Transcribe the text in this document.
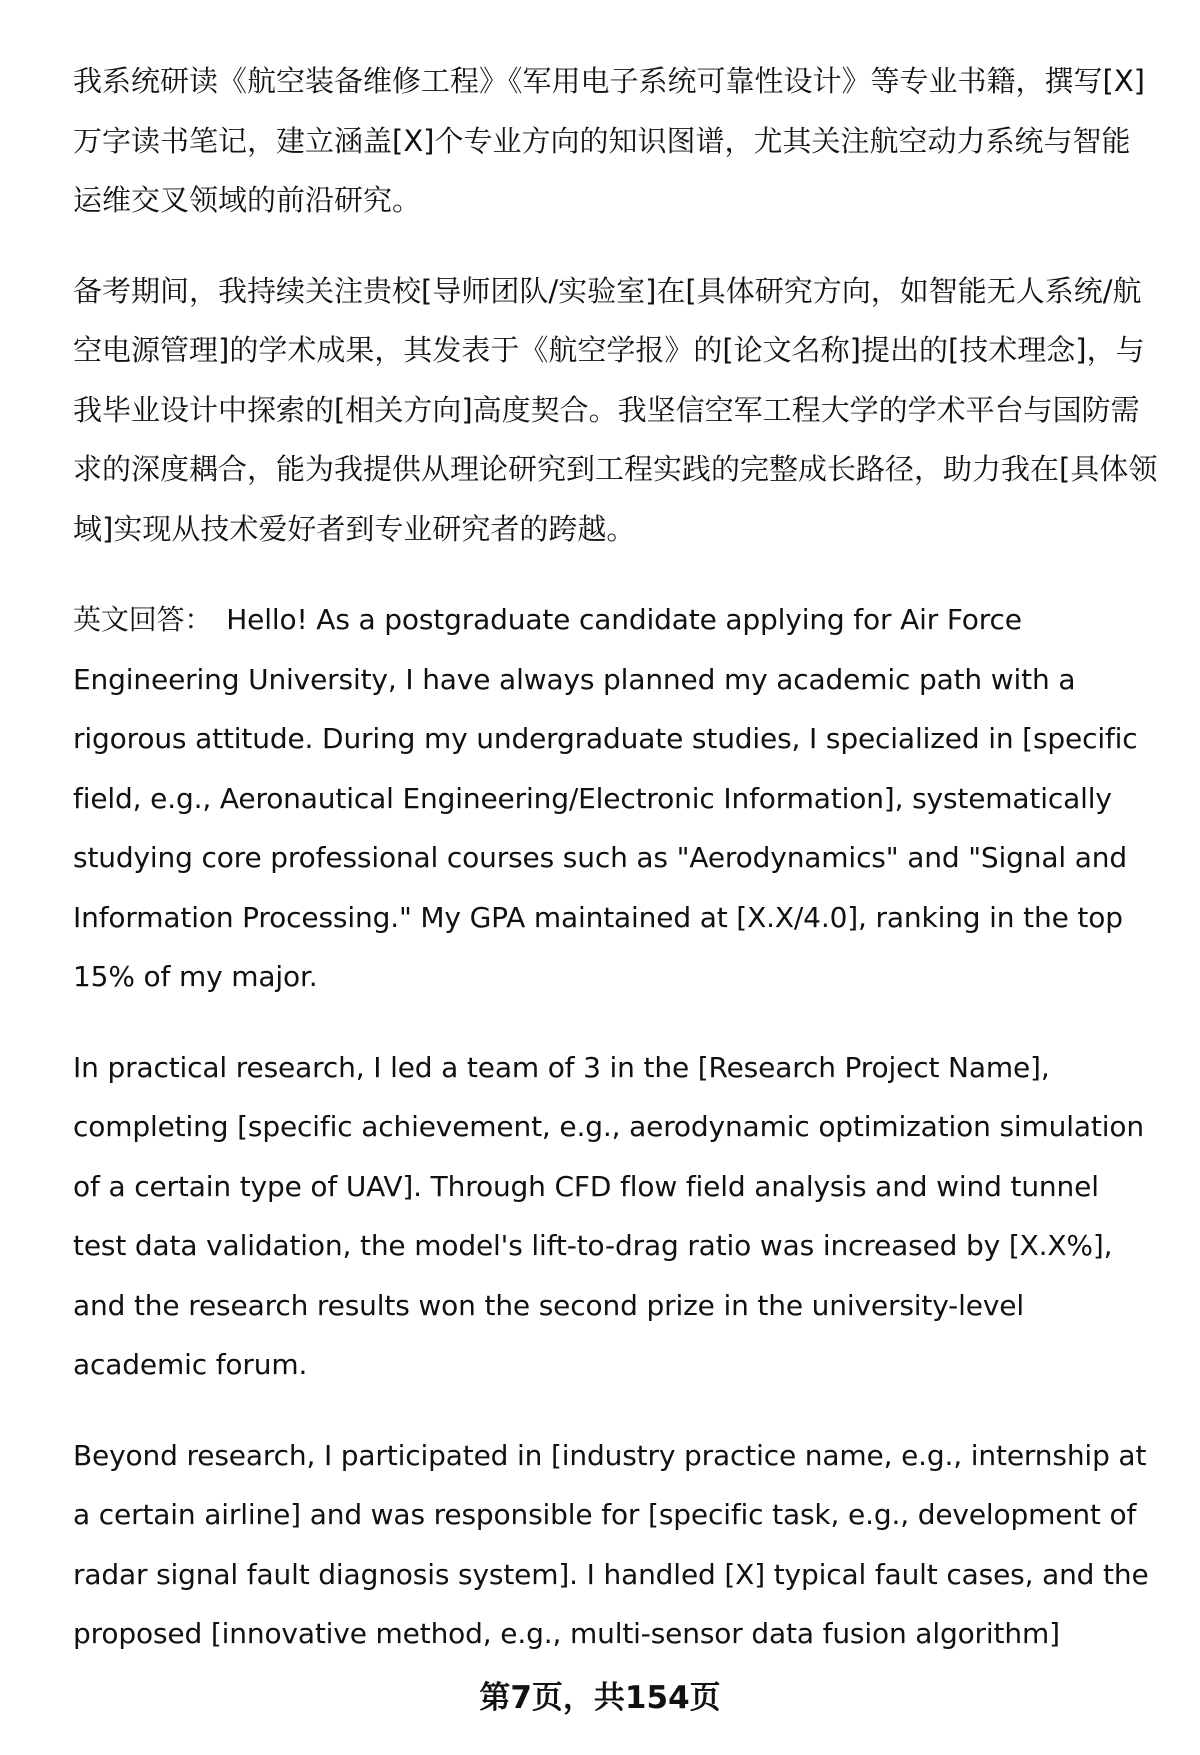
我系统研读《航空装备维修工程》《军用电子系统可靠性设计》等专业书籍，撰写[X]万字读书笔记，建立涵盖[X]个专业方向的知识图谱，尤其关注航空动力系统与智能运维交叉领域的前沿研究。

备考期间，我持续关注贵校[导师团队/实验室]在[具体研究方向，如智能无人系统/航空电源管理]的学术成果，其发表于《航空学报》的[论文名称]提出的[技术理念]，与我毕业设计中探索的[相关方向]高度契合。我坚信空军工程大学的学术平台与国防需求的深度耦合，能为我提供从理论研究到工程实践的完整成长路径，助力我在[具体领域]实现从技术爱好者到专业研究者的跨越。

英文回答： Hello! As a postgraduate candidate applying for Air Force Engineering University, I have always planned my academic path with a rigorous attitude. During my undergraduate studies, I specialized in [specific field, e.g., Aeronautical Engineering/Electronic Information], systematically studying core professional courses such as "Aerodynamics" and "Signal and Information Processing." My GPA maintained at [X.X/4.0], ranking in the top 15% of my major.

In practical research, I led a team of 3 in the [Research Project Name], completing [specific achievement, e.g., aerodynamic optimization simulation of a certain type of UAV]. Through CFD flow field analysis and wind tunnel test data validation, the model's lift-to-drag ratio was increased by [X.X%], and the research results won the second prize in the university-level academic forum.

Beyond research, I participated in [industry practice name, e.g., internship at a certain airline] and was responsible for [specific task, e.g., development of radar signal fault diagnosis system]. I handled [X] typical fault cases, and the proposed [innovative method, e.g., multi-sensor data fusion algorithm]

第7页，共154页
